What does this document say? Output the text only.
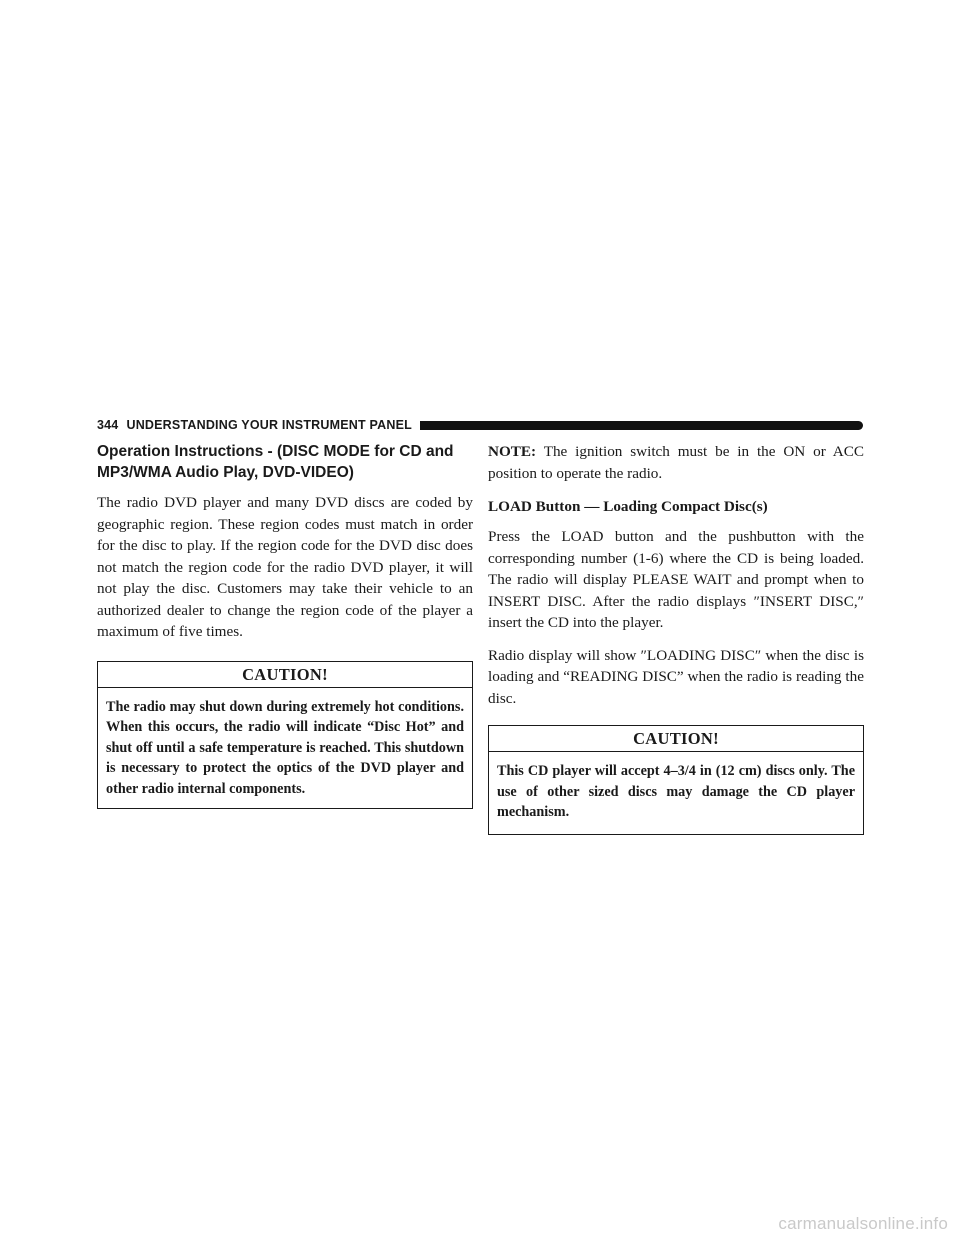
344 UNDERSTANDING YOUR INSTRUMENT PANEL
Operation Instructions - (DISC MODE for CD and MP3/WMA Audio Play, DVD-VIDEO)

The radio DVD player and many DVD discs are coded by geographic region. These region codes must match in order for the disc to play. If the region code for the DVD disc does not match the region code for the radio DVD player, it will not play the disc. Customers may take their vehicle to an authorized dealer to change the region code of the player a maximum of five times.

CAUTION!

The radio may shut down during extremely hot conditions. When this occurs, the radio will indicate “Disc Hot” and shut off until a safe temperature is reached. This shutdown is necessary to protect the optics of the DVD player and other radio internal components.

NOTE: The ignition switch must be in the ON or ACC position to operate the radio.

LOAD Button — Loading Compact Disc(s)

Press the LOAD button and the pushbutton with the corresponding number (1-6) where the CD is being loaded. The radio will display PLEASE WAIT and prompt when to INSERT DISC. After the radio displays ″INSERT DISC,″ insert the CD into the player.

Radio display will show ″LOADING DISC″ when the disc is loading and “READING DISC” when the radio is reading the disc.

CAUTION!

This CD player will accept 4–3/4 in (12 cm) discs only. The use of other sized discs may damage the CD player mechanism.

carmanualsonline.info
